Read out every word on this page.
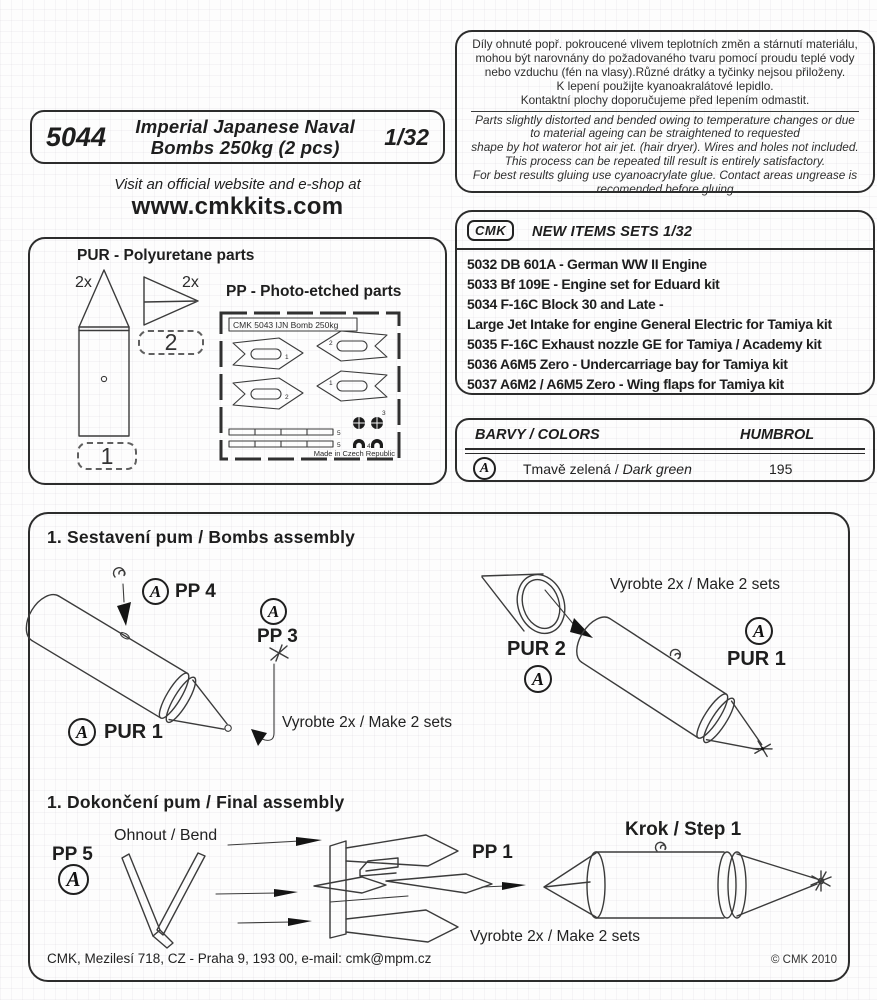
Díly ohnuté popř. pokroucené vlivem teplotních změn a stárnutí materiálu,
mohou být narovnány do požadovaného tvaru pomocí proudu teplé vody
nebo vzduchu (fén na vlasy).Různé drátky a tyčinky nejsou přiloženy.
K lepení použijte kyanoakralátové lepidlo.
Kontaktní plochy doporučujeme před lepením odmastit.
Parts slightly distorted and bended owing to temperature changes or due
to material ageing can be straightened to requested
shape by hot wateror hot air jet. (hair dryer). Wires and holes not included.
This process can be repeated till result is entirely satisfactory.
For best results gluing use cyanoacrylate glue. Contact areas ungrease is
recomended before gluing
5044 Imperial Japanese Naval
Bombs 250kg (2 pcs)	1/32
Visit an official website and e-shop at
www.cmkkits.com
PUR - Polyuretane parts
PP - Photo-etched parts
2x	2x
CMK 5043 IJN Bomb 250kg
1
2
2
1
5
5
3
4
Made in Czech Republic
1
2
CMK	NEW ITEMS SETS 1/32
5032 DB 601A - German WW II Engine
5033 Bf 109E - Engine set for Eduard kit
5034 F-16C Block 30 and Late -
Large Jet Intake for engine General Electric for Tamiya kit
5035 F-16C Exhaust nozzle GE for Tamiya / Academy kit
5036 A6M5 Zero - Undercarriage bay for Tamiya kit
5037 A6M2 / A6M5 Zero - Wing flaps for Tamiya kit
BARVY / COLORS	HUMBROL
A Tmavě zelená / Dark green	195
1. Sestavení pum / Bombs assembly
1. Dokončení pum / Final assembly
A PP 4
A
PP 3
A PUR 1	Vyrobte 2x / Make 2 sets
Vyrobte 2x / Make 2 sets
PUR 2
A
A
PUR 1
Ohnout / Bend
PP 5
A
PP 1
Krok / Step 1
Vyrobte 2x / Make 2 sets
CMK, Mezilesí 718, CZ - Praha 9, 193 00, e-mail: cmk@mpm.cz	© CMK 2010
